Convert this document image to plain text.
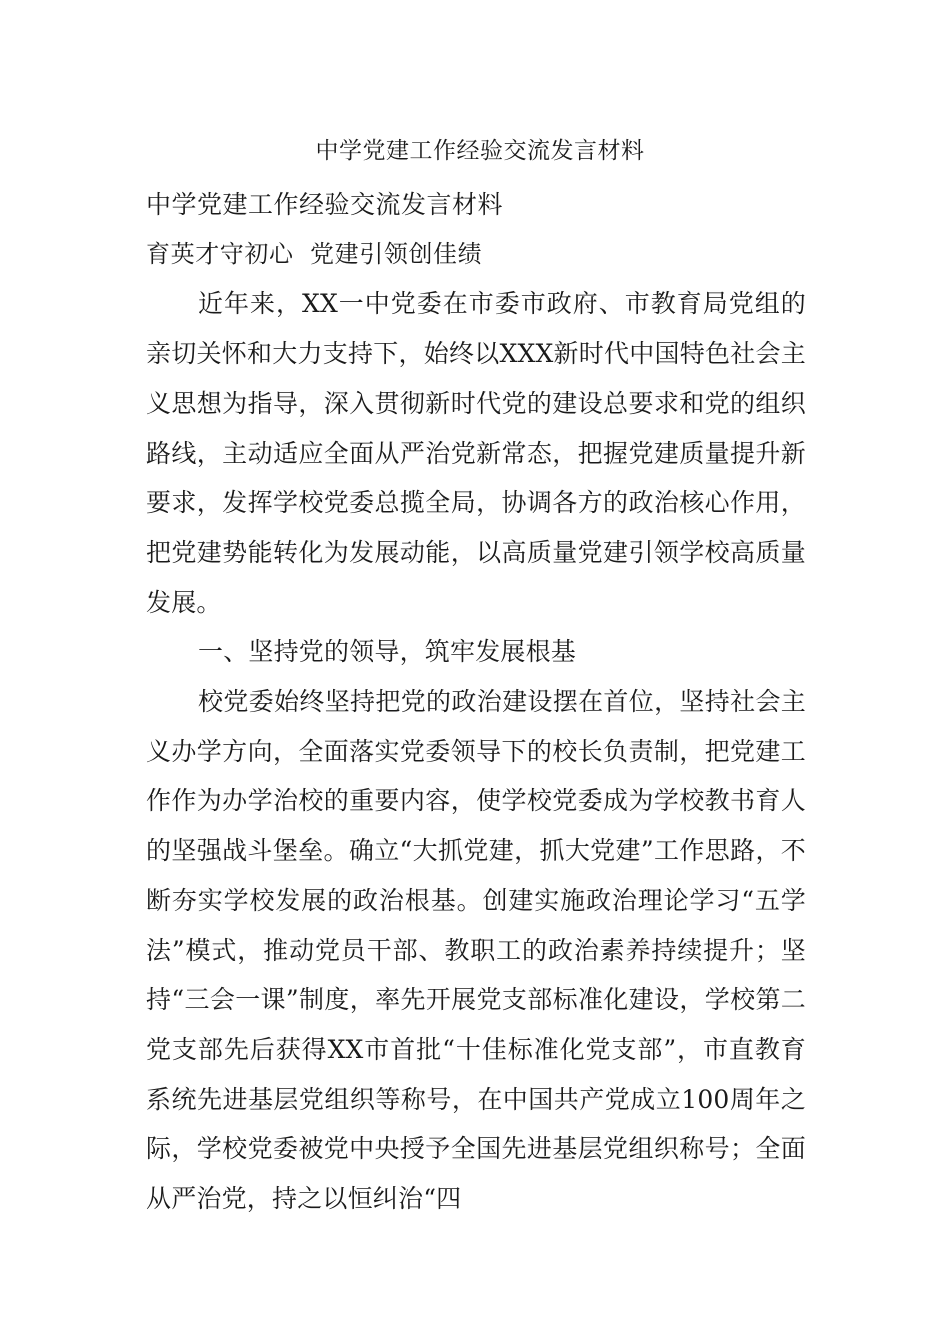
中学党建工作经验交流发言材料

中学党建工作经验交流发言材料

育英才守初心  党建引领创佳绩

近年来，XX一中党委在市委市政府、市教育局党组的亲切关怀和大力支持下，始终以XXX新时代中国特色社会主义思想为指导，深入贯彻新时代党的建设总要求和党的组织路线，主动适应全面从严治党新常态，把握党建质量提升新要求，发挥学校党委总揽全局，协调各方的政治核心作用，把党建势能转化为发展动能，以高质量党建引领学校高质量发展。

一、坚持党的领导，筑牢发展根基

校党委始终坚持把党的政治建设摆在首位，坚持社会主义办学方向，全面落实党委领导下的校长负责制，把党建工作作为办学治校的重要内容，使学校党委成为学校教书育人的坚强战斗堡垒。确立“大抓党建，抓大党建”工作思路，不断夯实学校发展的政治根基。创建实施政治理论学习“五学法”模式，推动党员干部、教职工的政治素养持续提升；坚持“三会一课”制度，率先开展党支部标准化建设，学校第二党支部先后获得XX市首批“十佳标准化党支部”，市直教育系统先进基层党组织等称号，在中国共产党成立100周年之际，学校党委被党中央授予全国先进基层党组织称号；全面从严治党，持之以恒纠治“四
